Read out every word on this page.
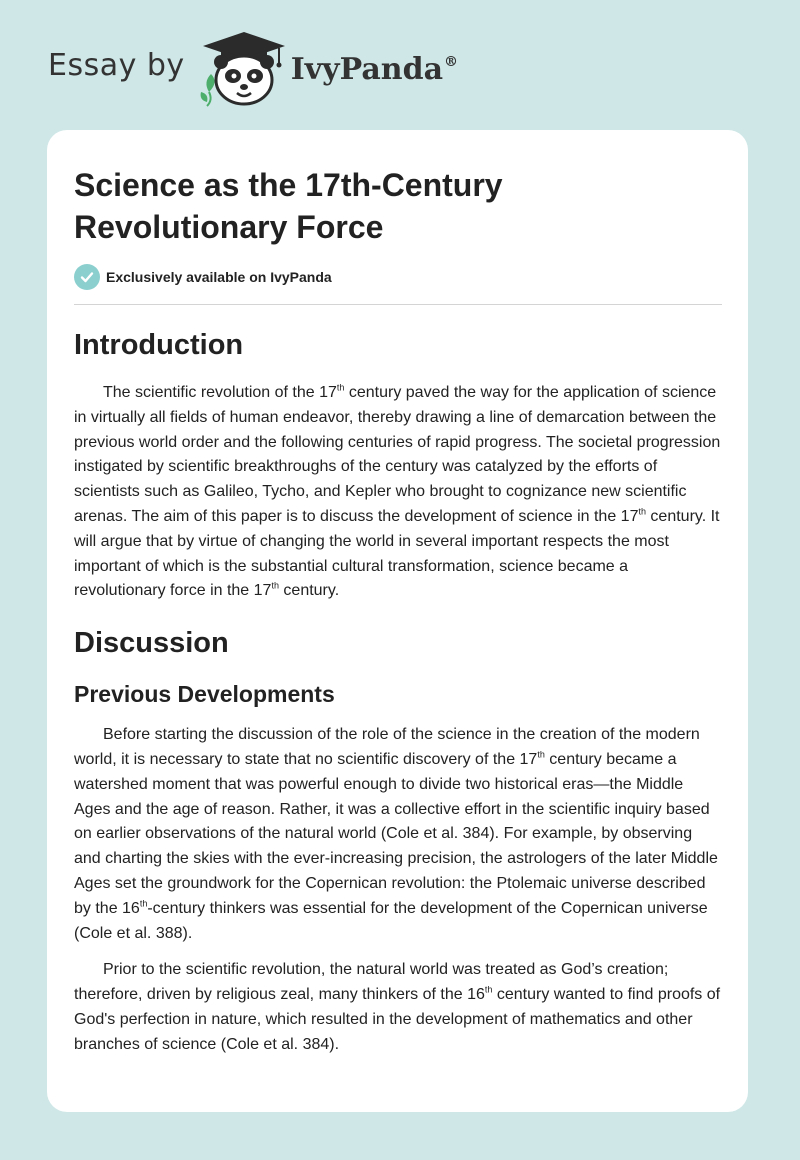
Essay by	IvyPanda®
Science as the 17th-Century Revolutionary Force
Exclusively available on IvyPanda
Introduction

The scientific revolution of the 17th century paved the way for the application of science in virtually all fields of human endeavor, thereby drawing a line of demarcation between the previous world order and the following centuries of rapid progress. The societal progression instigated by scientific breakthroughs of the century was catalyzed by the efforts of scientists such as Galileo, Tycho, and Kepler who brought to cognizance new scientific arenas. The aim of this paper is to discuss the development of science in the 17th century. It will argue that by virtue of changing the world in several important respects the most important of which is the substantial cultural transformation, science became a revolutionary force in the 17th century.

Discussion
Previous Developments

Before starting the discussion of the role of the science in the creation of the modern world, it is necessary to state that no scientific discovery of the 17th century became a watershed moment that was powerful enough to divide two historical eras—the Middle Ages and the age of reason. Rather, it was a collective effort in the scientific inquiry based on earlier observations of the natural world (Cole et al. 384). For example, by observing and charting the skies with the ever-increasing precision, the astrologers of the later Middle Ages set the groundwork for the Copernican revolution: the Ptolemaic universe described by the 16th-century thinkers was essential for the development of the Copernican universe (Cole et al. 388).

Prior to the scientific revolution, the natural world was treated as God’s creation; therefore, driven by religious zeal, many thinkers of the 16th century wanted to find proofs of God's perfection in nature, which resulted in the development of mathematics and other branches of science (Cole et al. 384).
